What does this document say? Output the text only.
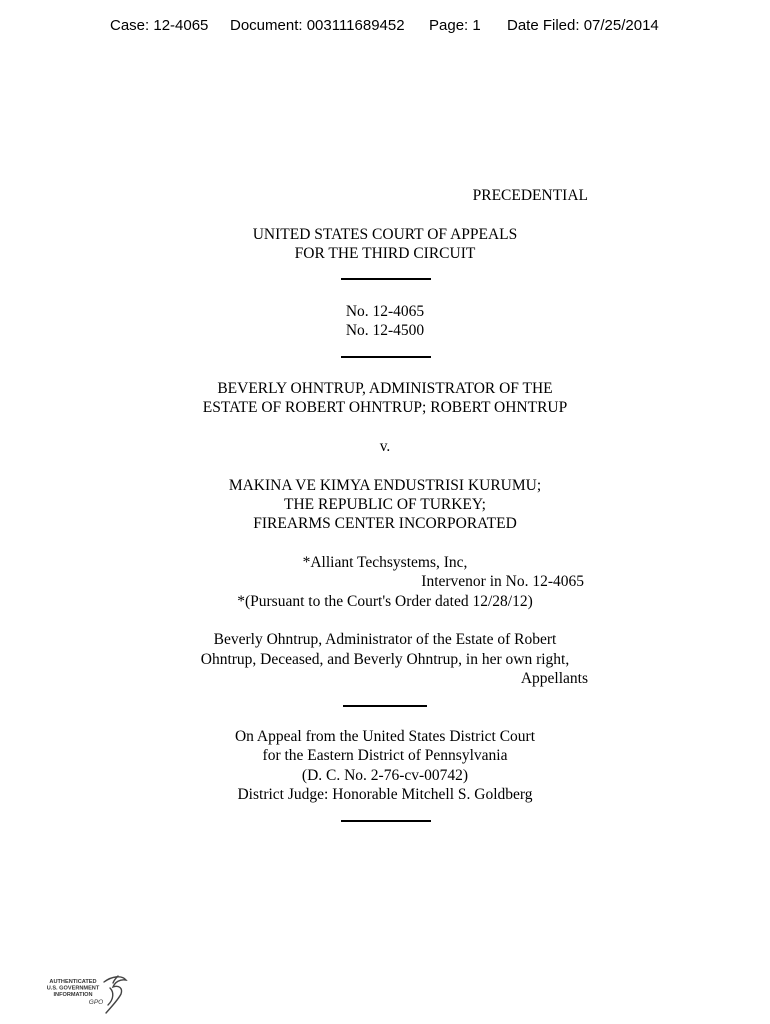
Case: 12-4065 Document: 003111689452 Page: 1 Date Filed: 07/25/2014
PRECEDENTIAL
UNITED STATES COURT OF APPEALS
FOR THE THIRD CIRCUIT
No. 12-4065
No. 12-4500
BEVERLY OHNTRUP, ADMINISTRATOR OF THE
ESTATE OF ROBERT OHNTRUP; ROBERT OHNTRUP
v.
MAKINA VE KIMYA ENDUSTRISI KURUMU;
THE REPUBLIC OF TURKEY;
FIREARMS CENTER INCORPORATED
*Alliant Techsystems, Inc,
Intervenor in No. 12-4065
*(Pursuant to the Court's Order dated 12/28/12)
Beverly Ohntrup, Administrator of the Estate of Robert
Ohntrup, Deceased, and Beverly Ohntrup, in her own right,
Appellants
On Appeal from the United States District Court
for the Eastern District of Pennsylvania
(D. C. No. 2-76-cv-00742)
District Judge: Honorable Mitchell S. Goldberg
AUTHENTICATED
U.S. GOVERNMENT
INFORMATION
GPO
